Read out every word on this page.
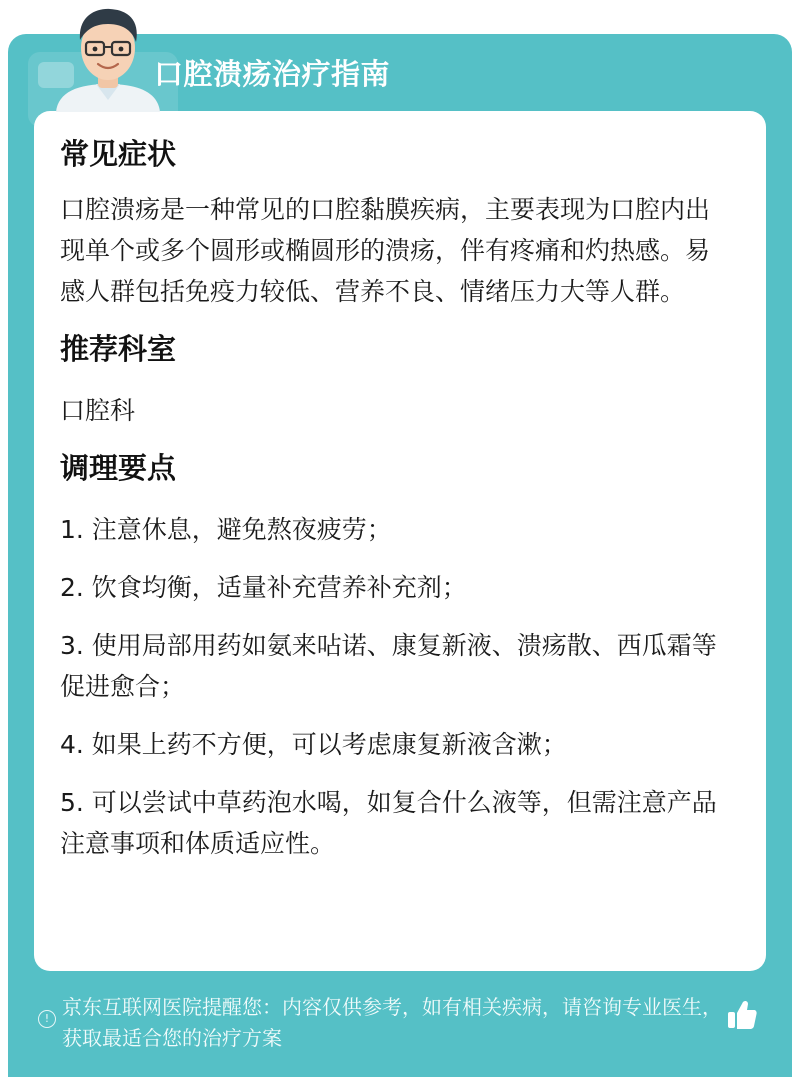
口腔溃疡治疗指南
常见症状

口腔溃疡是一种常见的口腔黏膜疾病，主要表现为口腔内出现单个或多个圆形或椭圆形的溃疡，伴有疼痛和灼热感。易感人群包括免疫力较低、营养不良、情绪压力大等人群。

推荐科室

口腔科

调理要点

1. 注意休息，避免熬夜疲劳；

2. 饮食均衡，适量补充营养补充剂；

3. 使用局部用药如氨来呫诺、康复新液、溃疡散、西瓜霜等促进愈合；

4. 如果上药不方便，可以考虑康复新液含漱；

5. 可以尝试中草药泡水喝，如复合什么液等，但需注意产品注意事项和体质适应性。

! 京东互联网医院提醒您：内容仅供参考，如有相关疾病，请咨询专业医生，获取最适合您的治疗方案
